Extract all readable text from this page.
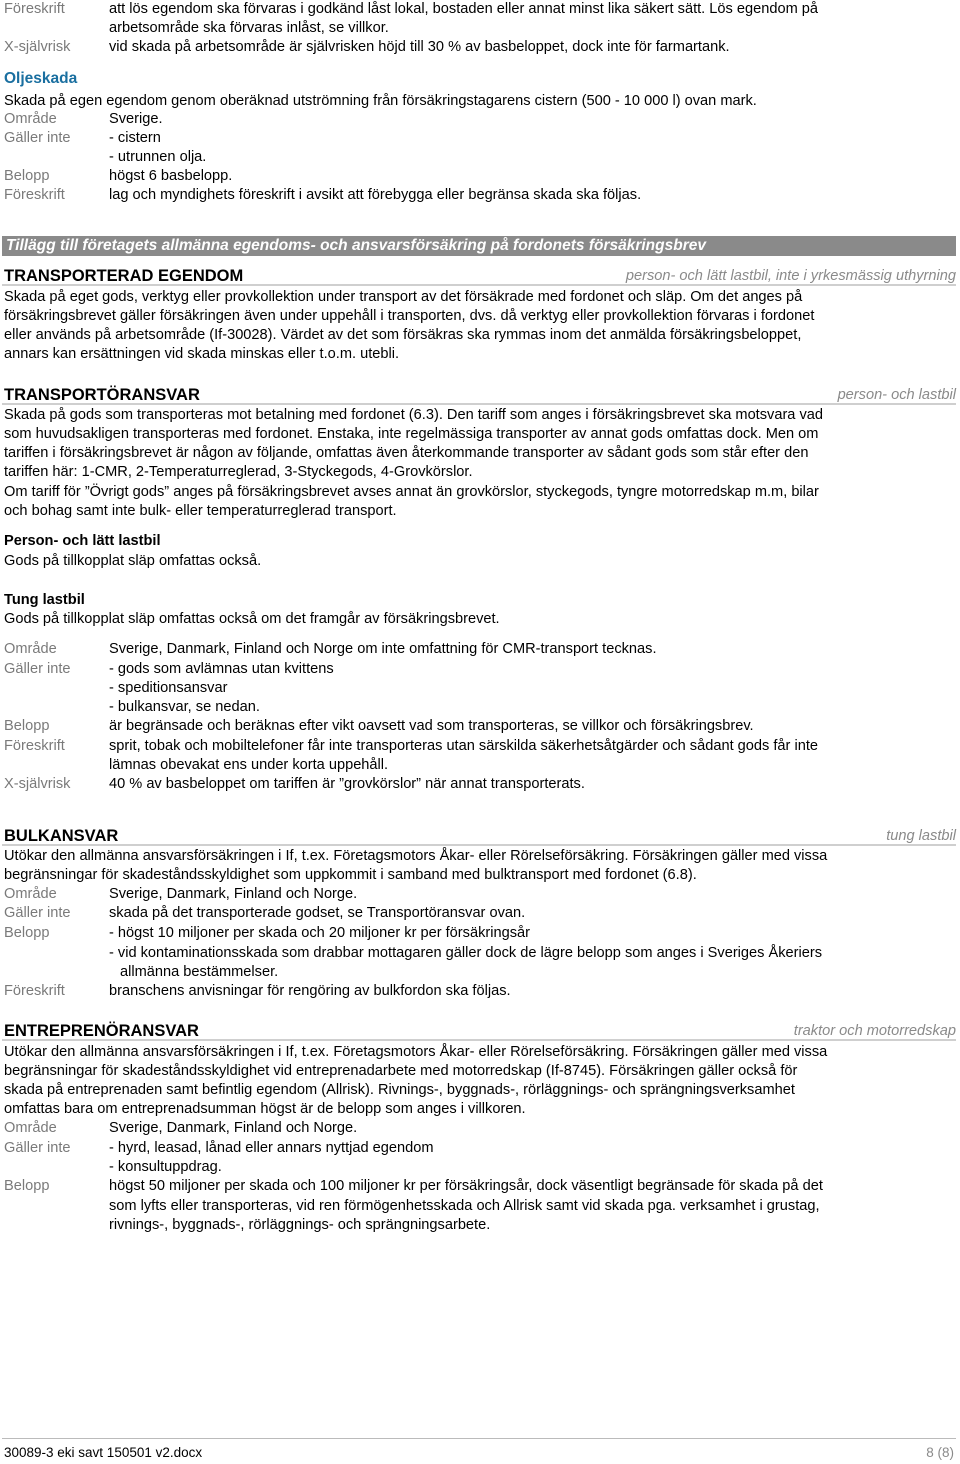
Föreskrift	att lös egendom ska förvaras i godkänd låst lokal, bostaden eller annat minst lika säkert sätt. Lös egendom på
arbetsområde ska förvaras inlåst, se villkor.
X-självrisk	vid skada på arbetsområde är självrisken höjd till 30 % av basbeloppet, dock inte för farmartank.
Oljeskada
Skada på egen egendom genom oberäknad utströmning från försäkringstagarens cistern (500 - 10 000 l) ovan mark.
Område	Sverige.
Gäller inte	- cistern
- utrunnen olja.
Belopp	högst 6 basbelopp.
Föreskrift	lag och myndighets föreskrift i avsikt att förebygga eller begränsa skada ska följas.
Tillägg till företagets allmänna egendoms- och ansvarsförsäkring på fordonets försäkringsbrev
TRANSPORTERAD EGENDOM	person- och lätt lastbil, inte i yrkesmässig uthyrning
Skada på eget gods, verktyg eller provkollektion under transport av det försäkrade med fordonet och släp. Om det anges på
försäkringsbrevet gäller försäkringen även under uppehåll i transporten, dvs. då verktyg eller provkollektion förvaras i fordonet
eller används på arbetsområde (If-30028). Värdet av det som försäkras ska rymmas inom det anmälda försäkringsbeloppet,
annars kan ersättningen vid skada minskas eller t.o.m. utebli.
TRANSPORTÖRANSVAR	person- och lastbil
Skada på gods som transporteras mot betalning med fordonet (6.3). Den tariff som anges i försäkringsbrevet ska motsvara vad
som huvudsakligen transporteras med fordonet. Enstaka, inte regelmässiga transporter av annat gods omfattas dock. Men om
tariffen i försäkringsbrevet är någon av följande, omfattas även återkommande transporter av sådant gods som står efter den
tariffen här: 1-CMR, 2-Temperaturreglerad, 3-Styckegods, 4-Grovkörslor.
Om tariff för ”Övrigt gods” anges på försäkringsbrevet avses annat än grovkörslor, styckegods, tyngre motorredskap m.m, bilar
och bohag samt inte bulk- eller temperaturreglerad transport.
Person- och lätt lastbil
Gods på tillkopplat släp omfattas också.
Tung lastbil
Gods på tillkopplat släp omfattas också om det framgår av försäkringsbrevet.
Område	Sverige, Danmark, Finland och Norge om inte omfattning för CMR-transport tecknas.
Gäller inte	- gods som avlämnas utan kvittens
- speditionsansvar
- bulkansvar, se nedan.
Belopp	är begränsade och beräknas efter vikt oavsett vad som transporteras, se villkor och försäkringsbrev.
Föreskrift	sprit, tobak och mobiltelefoner får inte transporteras utan särskilda säkerhetsåtgärder och sådant gods får inte
lämnas obevakat ens under korta uppehåll.
X-självrisk	40 % av basbeloppet om tariffen är ”grovkörslor” när annat transporterats.
BULKANSVAR	tung lastbil
Utökar den allmänna ansvarsförsäkringen i If, t.ex. Företagsmotors Åkar- eller Rörelseförsäkring. Försäkringen gäller med vissa
begränsningar för skadeståndsskyldighet som uppkommit i samband med bulktransport med fordonet (6.8).
Område	Sverige, Danmark, Finland och Norge.
Gäller inte	skada på det transporterade godset, se Transportöransvar ovan.
Belopp	- högst 10 miljoner per skada och 20 miljoner kr per försäkringsår
- vid kontaminationsskada som drabbar mottagaren gäller dock de lägre belopp som anges i Sveriges Åkeriers
allmänna bestämmelser.
Föreskrift	branschens anvisningar för rengöring av bulkfordon ska följas.
ENTREPRENÖRANSVAR	traktor och motorredskap
Utökar den allmänna ansvarsförsäkringen i If, t.ex. Företagsmotors Åkar- eller Rörelseförsäkring. Försäkringen gäller med vissa
begränsningar för skadeståndsskyldighet vid entreprenadarbete med motorredskap (If-8745). Försäkringen gäller också för
skada på entreprenaden samt befintlig egendom (Allrisk). Rivnings-, byggnads-, rörläggnings- och sprängningsverksamhet
omfattas bara om entreprenadsumman högst är de belopp som anges i villkoren.
Område	Sverige, Danmark, Finland och Norge.
Gäller inte	- hyrd, leasad, lånad eller annars nyttjad egendom
- konsultuppdrag.
Belopp	högst 50 miljoner per skada och 100 miljoner kr per försäkringsår, dock väsentligt begränsade för skada på det
som lyfts eller transporteras, vid ren förmögenhetsskada och Allrisk samt vid skada pga. verksamhet i grustag,
rivnings-, byggnads-, rörläggnings- och sprängningsarbete.
30089-3 eki savt 150501 v2.docx	8 (8)
